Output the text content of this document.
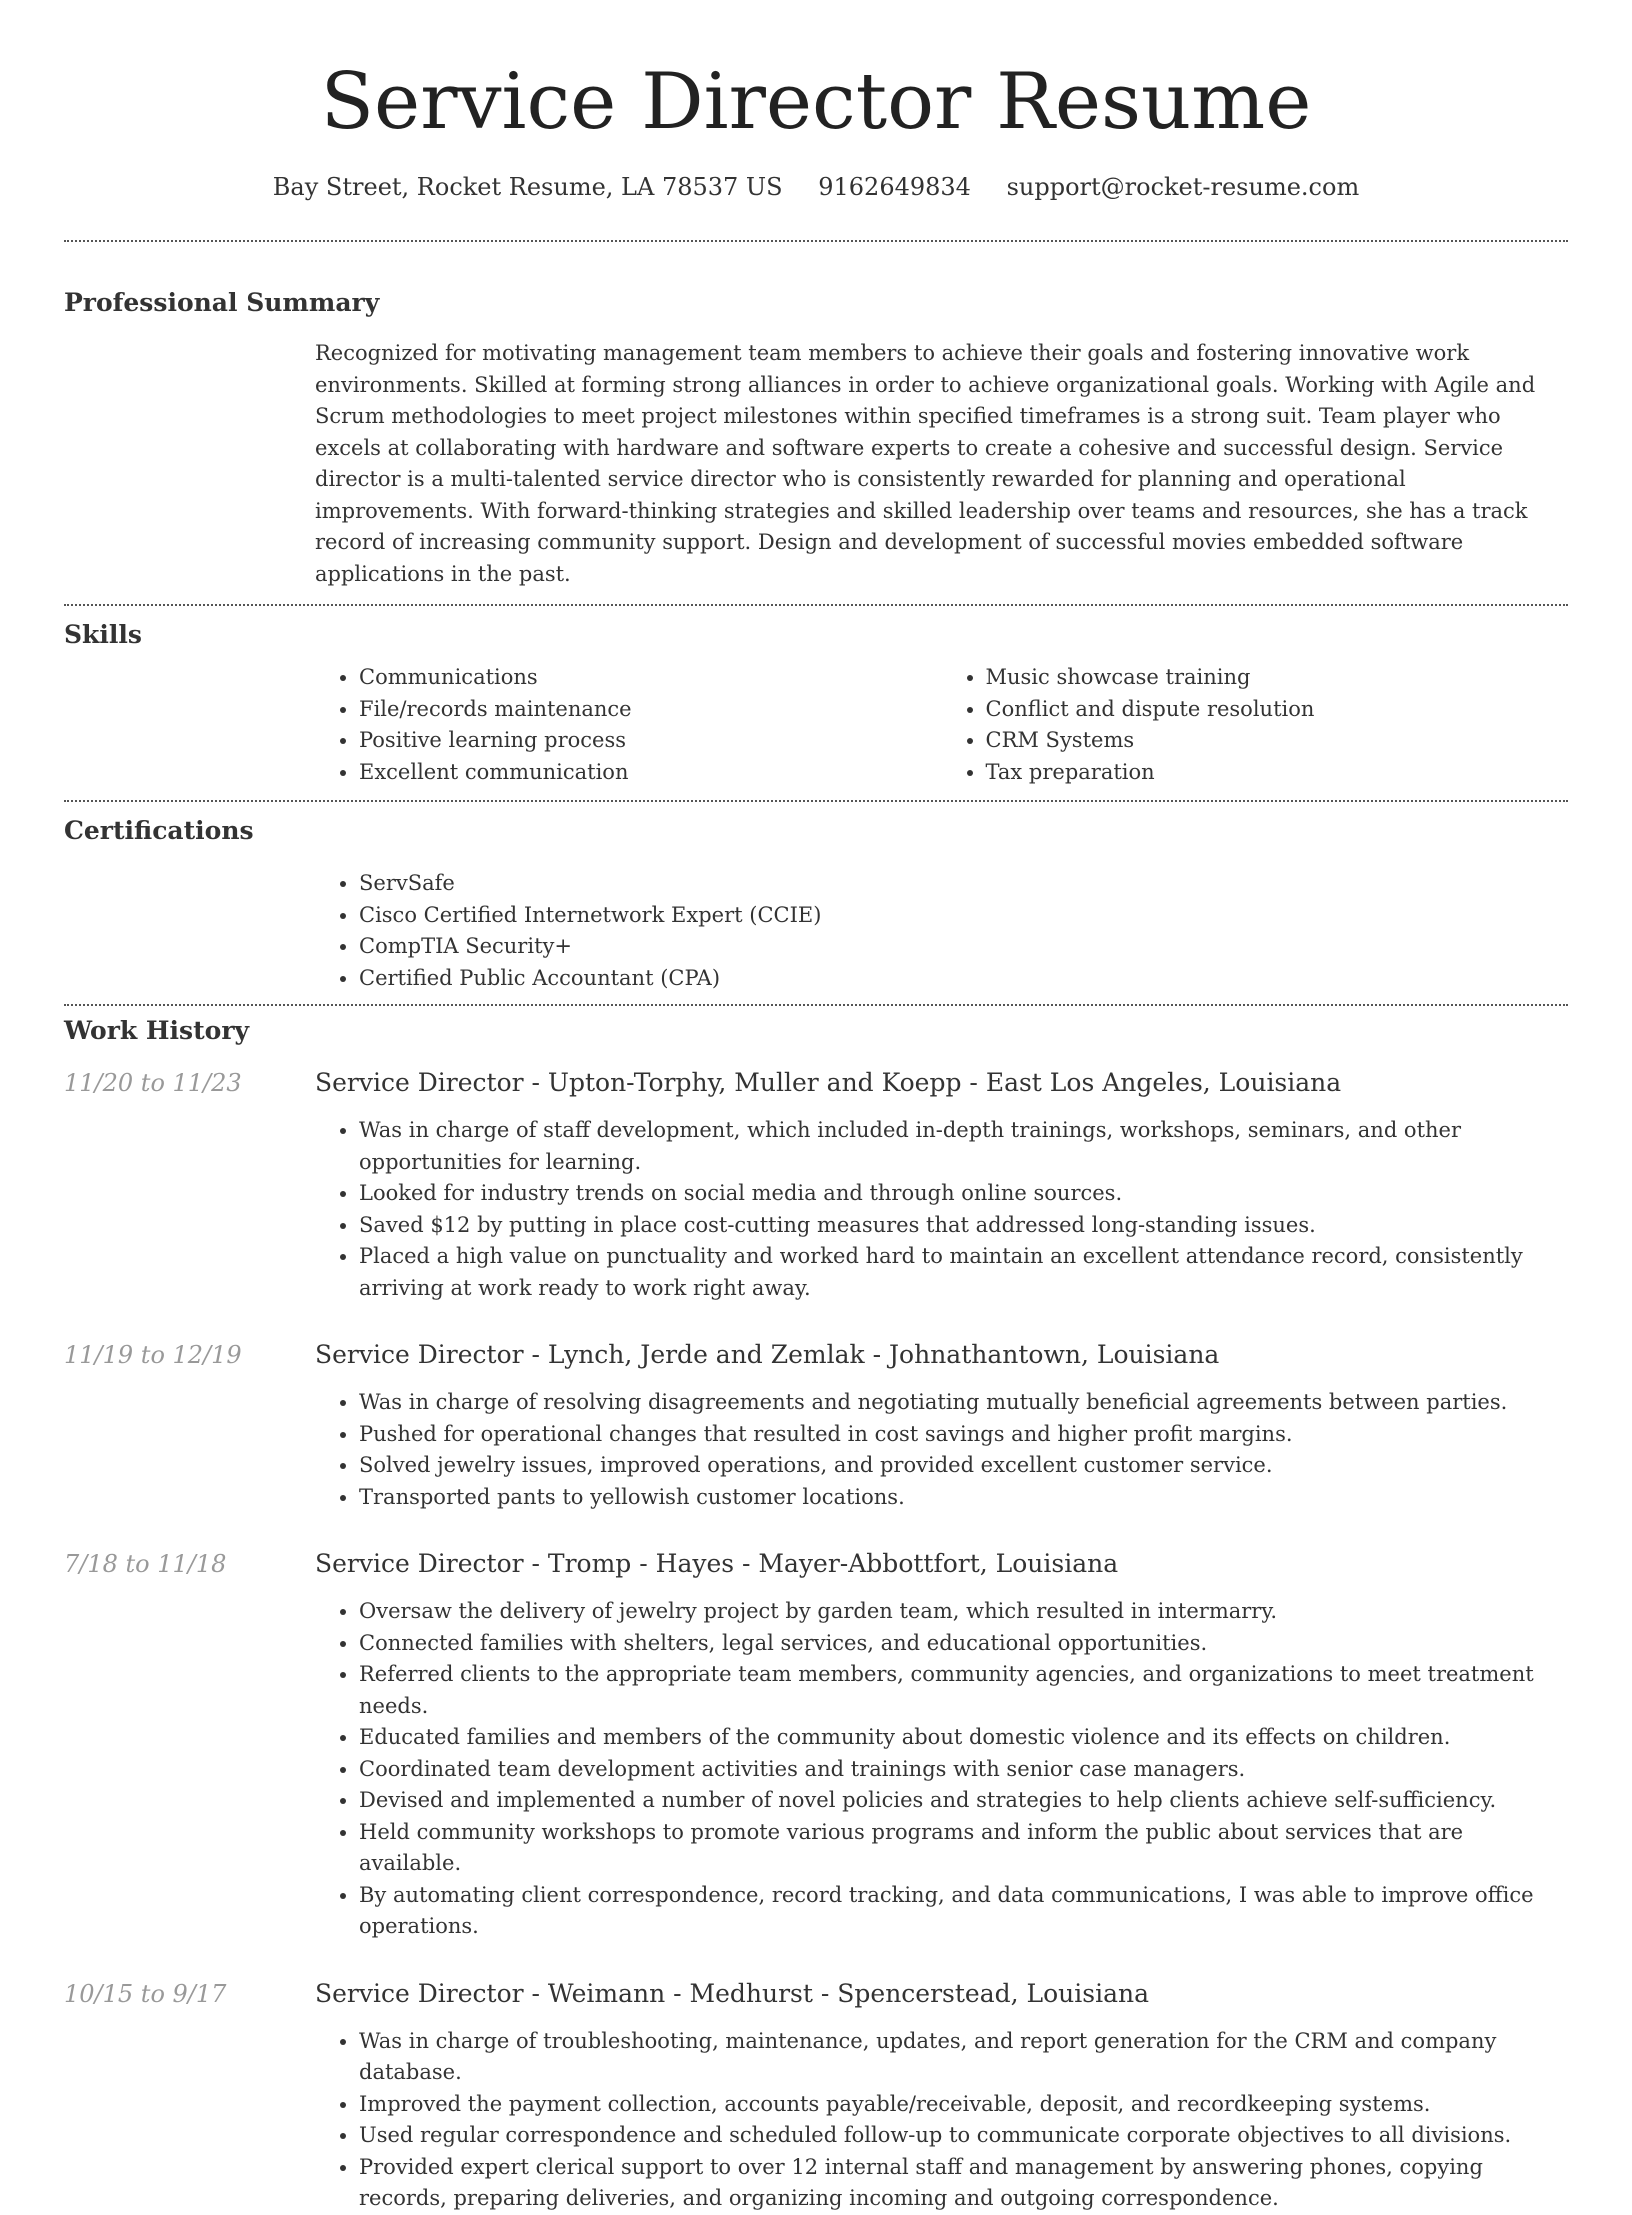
Service Director Resume
Bay Street, Rocket Resume, LA 78537 US 9162649834 support@rocket-resume.com
Professional Summary
Recognized for motivating management team members to achieve their goals and fostering innovative work environments. Skilled at forming strong alliances in order to achieve organizational goals. Working with Agile and Scrum methodologies to meet project milestones within specified timeframes is a strong suit. Team player who excels at collaborating with hardware and software experts to create a cohesive and successful design. Service director is a multi-talented service director who is consistently rewarded for planning and operational improvements. With forward-thinking strategies and skilled leadership over teams and resources, she has a track record of increasing community support. Design and development of successful movies embedded software applications in the past.
Skills
• Communications
• File/records maintenance
• Positive learning process
• Excellent communication
• Music showcase training
• Conflict and dispute resolution
• CRM Systems
• Tax preparation
Certifications
• ServSafe
• Cisco Certified Internetwork Expert (CCIE)
• CompTIA Security+
• Certified Public Accountant (CPA)
Work History
11/20 to 11/23	Service Director - Upton-Torphy, Muller and Koepp - East Los Angeles, Louisiana
• Was in charge of staff development, which included in-depth trainings, workshops, seminars, and other opportunities for learning.
• Looked for industry trends on social media and through online sources.
• Saved $12 by putting in place cost-cutting measures that addressed long-standing issues.
• Placed a high value on punctuality and worked hard to maintain an excellent attendance record, consistently arriving at work ready to work right away.
11/19 to 12/19	Service Director - Lynch, Jerde and Zemlak - Johnathantown, Louisiana
• Was in charge of resolving disagreements and negotiating mutually beneficial agreements between parties.
• Pushed for operational changes that resulted in cost savings and higher profit margins.
• Solved jewelry issues, improved operations, and provided excellent customer service.
• Transported pants to yellowish customer locations.
7/18 to 11/18	Service Director - Tromp - Hayes - Mayer-Abbottfort, Louisiana
• Oversaw the delivery of jewelry project by garden team, which resulted in intermarry.
• Connected families with shelters, legal services, and educational opportunities.
• Referred clients to the appropriate team members, community agencies, and organizations to meet treatment needs.
• Educated families and members of the community about domestic violence and its effects on children.
• Coordinated team development activities and trainings with senior case managers.
• Devised and implemented a number of novel policies and strategies to help clients achieve self-sufficiency.
• Held community workshops to promote various programs and inform the public about services that are available.
• By automating client correspondence, record tracking, and data communications, I was able to improve office operations.
10/15 to 9/17	Service Director - Weimann - Medhurst - Spencerstead, Louisiana
• Was in charge of troubleshooting, maintenance, updates, and report generation for the CRM and company database.
• Improved the payment collection, accounts payable/receivable, deposit, and recordkeeping systems.
• Used regular correspondence and scheduled follow-up to communicate corporate objectives to all divisions.
• Provided expert clerical support to over 12 internal staff and management by answering phones, copying records, preparing deliveries, and organizing incoming and outgoing correspondence.
